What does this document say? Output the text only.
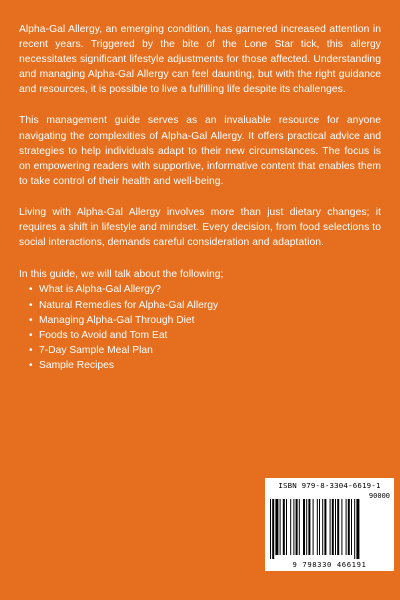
Alpha-Gal Allergy, an emerging condition, has garnered increased attention in recent years. Triggered by the bite of the Lone Star tick, this allergy necessitates significant lifestyle adjustments for those affected. Understanding and managing Alpha-Gal Allergy can feel daunting, but with the right guidance and resources, it is possible to live a fulfilling life despite its challenges.

This management guide serves as an invaluable resource for anyone navigating the complexities of Alpha-Gal Allergy. It offers practical advice and strategies to help individuals adapt to their new circumstances. The focus is on empowering readers with supportive, informative content that enables them to take control of their health and well-being.

Living with Alpha-Gal Allergy involves more than just dietary changes; it requires a shift in lifestyle and mindset. Every decision, from food selections to social interactions, demands careful consideration and adaptation.

In this guide, we will talk about the following;

• What is Alpha-Gal Allergy?
• Natural Remedies for Alpha-Gal Allergy
• Managing Alpha-Gal Through Diet
• Foods to Avoid and Tom Eat
• 7-Day Sample Meal Plan
• Sample Recipes
ISBN 979-8-3304-6619-1
90000
9 798330 466191
